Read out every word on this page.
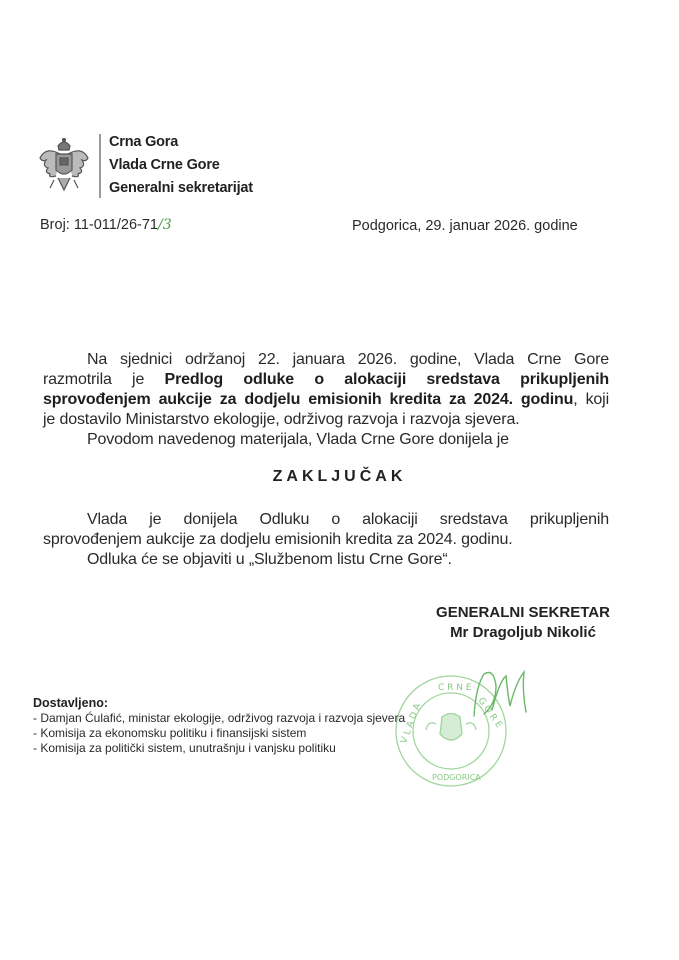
Crna Gora
Vlada Crne Gore
Generalni sekretarijat
Broj: 11-011/26-71/3	Podgorica, 29. januar 2026. godine
Na sjednici održanoj 22. januara 2026. godine, Vlada Crne Gore
razmotrila je Predlog odluke o alokaciji sredstava prikupljenih
sprovođenjem aukcije za dodjelu emisionih kredita za 2024. godinu, koji
je dostavilo Ministarstvo ekologije, održivog razvoja i razvoja sjevera.
Povodom navedenog materijala, Vlada Crne Gore donijela je
ZAKLJUČAK
Vlada je donijela Odluku o alokaciji sredstava prikupljenih
sprovođenjem aukcije za dodjelu emisionih kredita za 2024. godinu.
Odluka će se objaviti u „Službenom listu Crne Gore“.
GENERALNI SEKRETAR
Mr Dragoljub Nikolić
V L A D A
C R N E
G O R E
PODGORICA
Dostavljeno:
- Damjan Ćulafić, ministar ekologije, održivog razvoja i razvoja sjevera
- Komisija za ekonomsku politiku i finansijski sistem
- Komisija za politički sistem, unutrašnju i vanjsku politiku
